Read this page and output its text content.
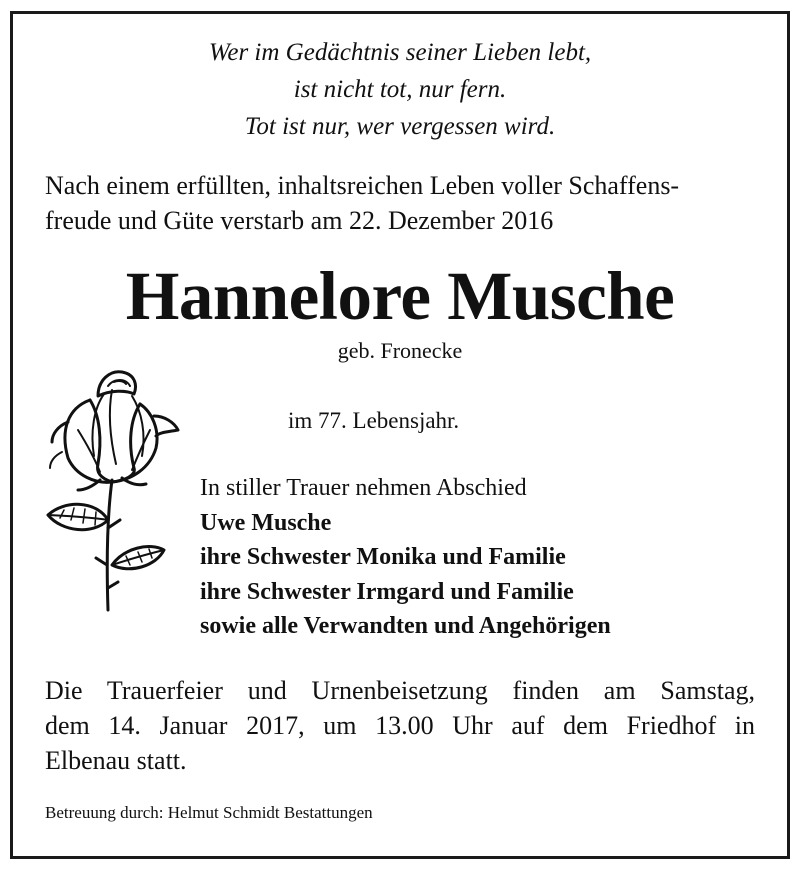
Wer im Gedächtnis seiner Lieben lebt,
ist nicht tot, nur fern.
Tot ist nur, wer vergessen wird.
Nach einem erfüllten, inhaltsreichen Leben voller Schaffens-
freude und Güte verstarb am 22. Dezember 2016
Hannelore Musche
geb. Fronecke
im 77. Lebensjahr.
In stiller Trauer nehmen Abschied
Uwe Musche
ihre Schwester Monika und Familie
ihre Schwester Irmgard und Familie
sowie alle Verwandten und Angehörigen
Die Trauerfeier und Urnenbeisetzung finden am Samstag,
dem 14. Januar 2017, um 13.00 Uhr auf dem Friedhof in
Elbenau statt.
Betreuung durch: Helmut Schmidt Bestattungen
